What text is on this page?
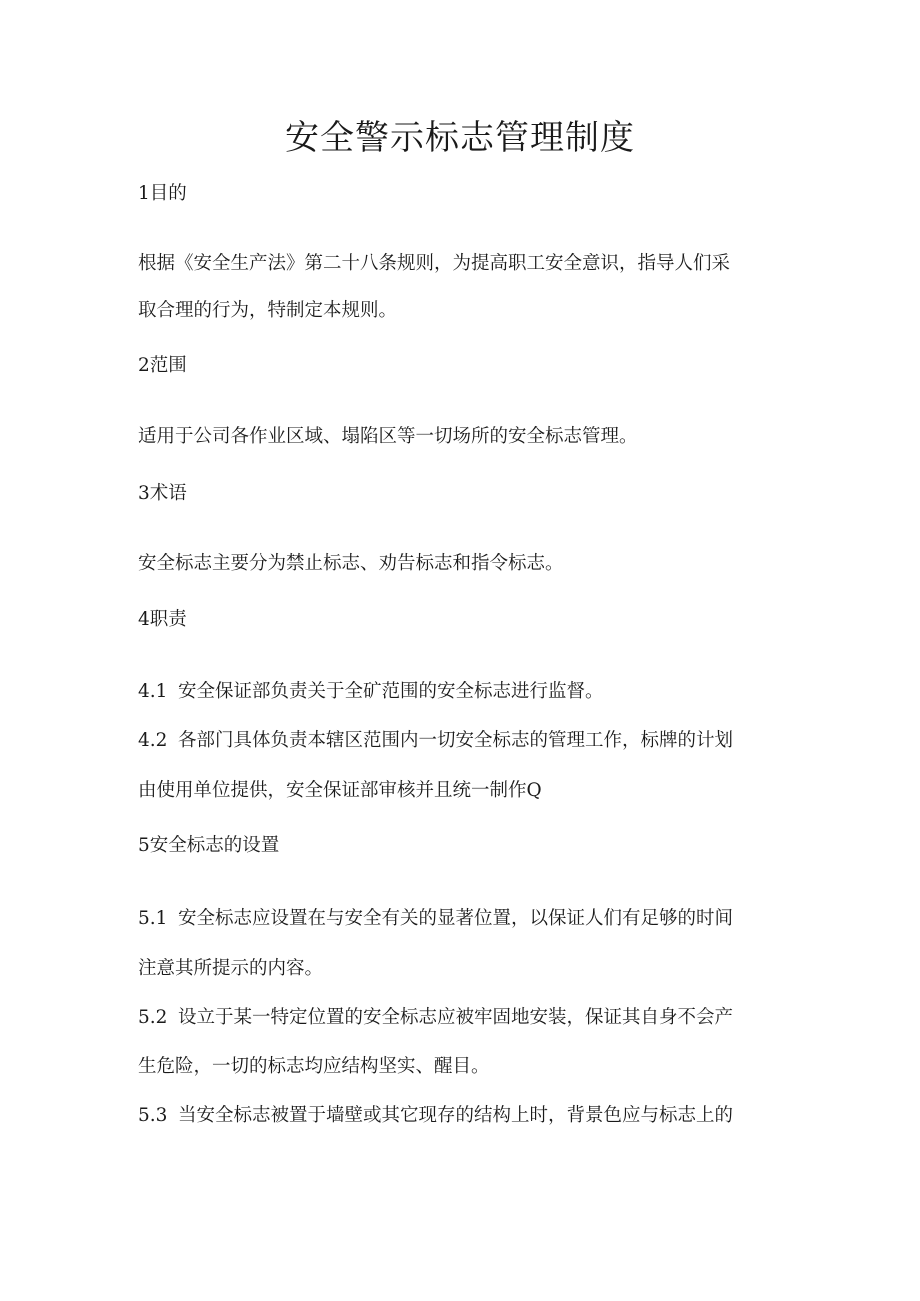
安全警示标志管理制度
1目的
根据《安全生产法》第二十八条规则，为提高职工安全意识，指导人们采
取合理的行为，特制定本规则。
2范围
适用于公司各作业区域、塌陷区等一切场所的安全标志管理。
3术语
安全标志主要分为禁止标志、劝告标志和指令标志。
4职责
4.1 安全保证部负责关于全矿范围的安全标志进行监督。
4.2 各部门具体负责本辖区范围内一切安全标志的管理工作，标牌的计划
由使用单位提供，安全保证部审核并且统一制作Q
5安全标志的设置
5.1 安全标志应设置在与安全有关的显著位置，以保证人们有足够的时间
注意其所提示的内容。
5.2 设立于某一特定位置的安全标志应被牢固地安装，保证其自身不会产
生危险，一切的标志均应结构坚实、醒目。
5.3 当安全标志被置于墙壁或其它现存的结构上时，背景色应与标志上的
